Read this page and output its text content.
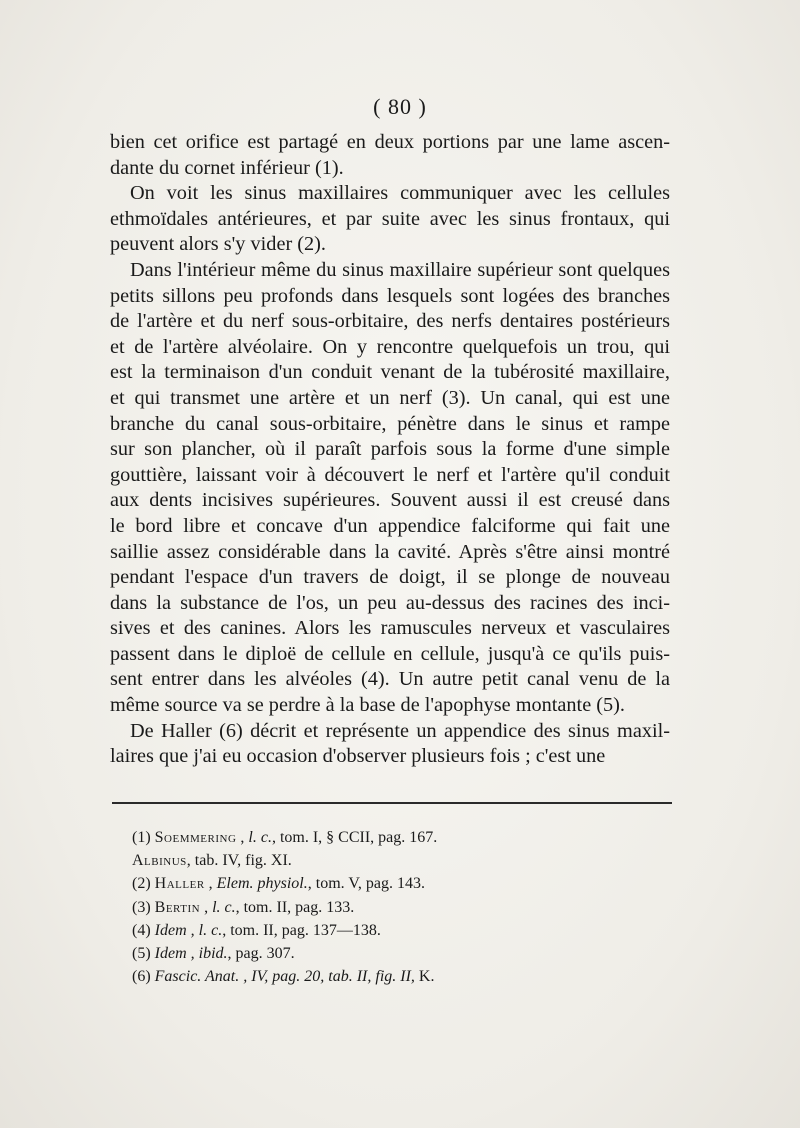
( 80 )
bien cet orifice est partagé en deux portions par une lame ascen-
dante du cornet inférieur (1).
On voit les sinus maxillaires communiquer avec les cellules
ethmoïdales antérieures, et par suite avec les sinus frontaux, qui
peuvent alors s'y vider (2).
Dans l'intérieur même du sinus maxillaire supérieur sont quelques
petits sillons peu profonds dans lesquels sont logées des branches
de l'artère et du nerf sous-orbitaire, des nerfs dentaires postérieurs
et de l'artère alvéolaire. On y rencontre quelquefois un trou, qui
est la terminaison d'un conduit venant de la tubérosité maxillaire,
et qui transmet une artère et un nerf (3). Un canal, qui est une
branche du canal sous-orbitaire, pénètre dans le sinus et rampe
sur son plancher, où il paraît parfois sous la forme d'une simple
gouttière, laissant voir à découvert le nerf et l'artère qu'il conduit
aux dents incisives supérieures. Souvent aussi il est creusé dans
le bord libre et concave d'un appendice falciforme qui fait une
saillie assez considérable dans la cavité. Après s'être ainsi montré
pendant l'espace d'un travers de doigt, il se plonge de nouveau
dans la substance de l'os, un peu au-dessus des racines des inci-
sives et des canines. Alors les ramuscules nerveux et vasculaires
passent dans le diploë de cellule en cellule, jusqu'à ce qu'ils puis-
sent entrer dans les alvéoles (4). Un autre petit canal venu de la
même source va se perdre à la base de l'apophyse montante (5).
De Haller (6) décrit et représente un appendice des sinus maxil-
laires que j'ai eu occasion d'observer plusieurs fois ; c'est une
(1) Soemmering , l. c., tom. I, § CCII, pag. 167.
Albinus, tab. IV, fig. XI.
(2) Haller , Elem. physiol., tom. V, pag. 143.
(3) Bertin , l. c., tom. II, pag. 133.
(4) Idem , l. c., tom. II, pag. 137—138.
(5) Idem , ibid., pag. 307.
(6) Fascic. Anat. , IV, pag. 20, tab. II, fig. II, K.
